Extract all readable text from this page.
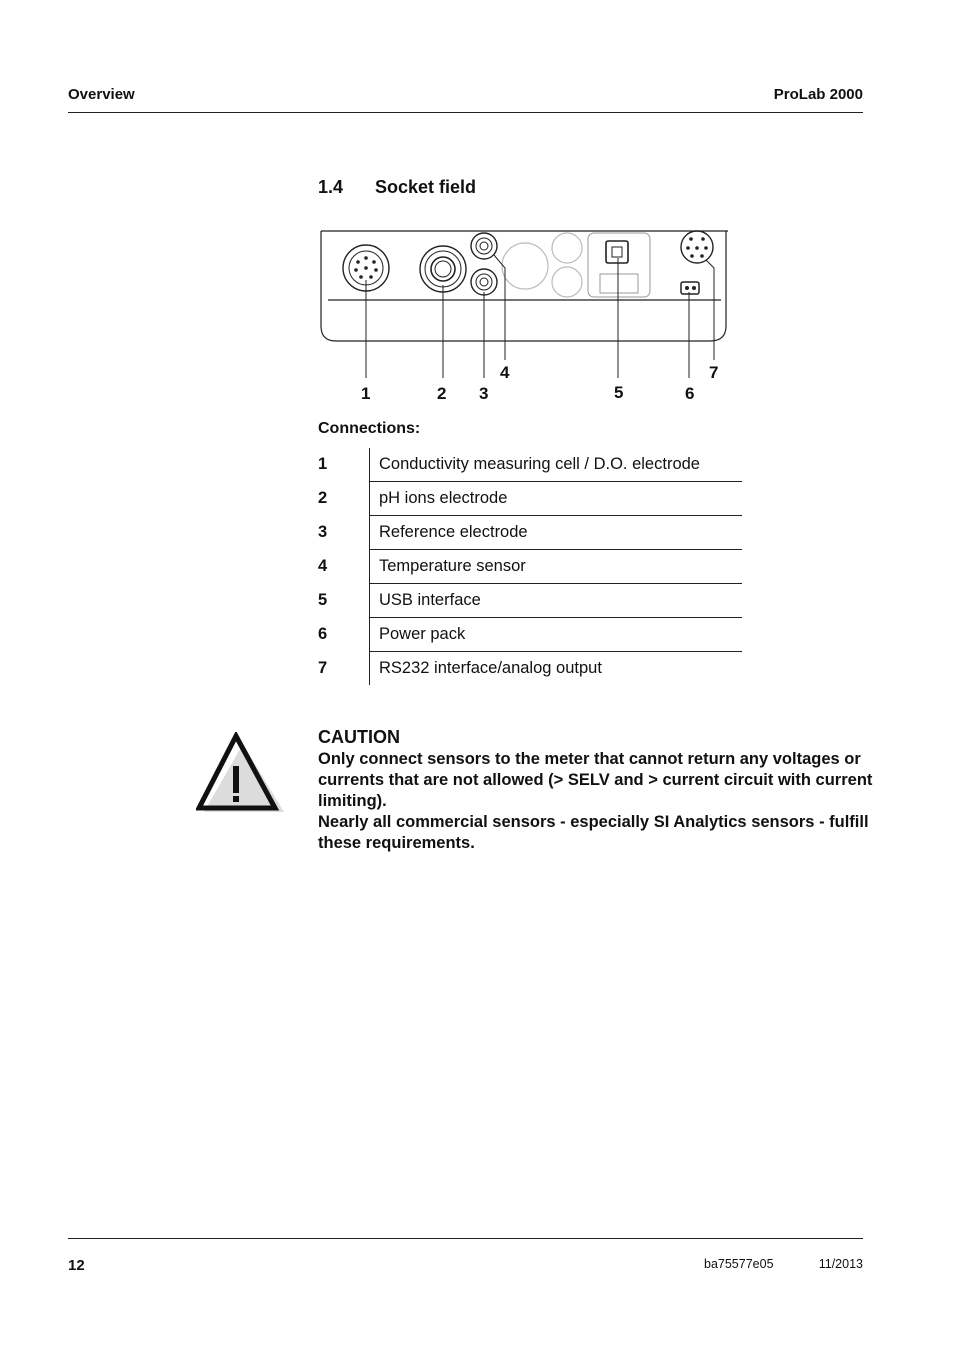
Overview	ProLab 2000
1.4 Socket field
1	2 3
4
5	6
7
Connections:
1	Conductivity measuring cell / D.O. electrode
2	pH ions electrode
3	Reference electrode
4	Temperature sensor
5	USB interface
6	Power pack
7	RS232 interface/analog output
CAUTION

Only connect sensors to the meter that cannot return any voltages or currents that are not allowed (> SELV and > current circuit with current limiting).

Nearly all commercial sensors - especially SI Analytics sensors - fulfill these requirements.

12	ba75577e05	11/2013
